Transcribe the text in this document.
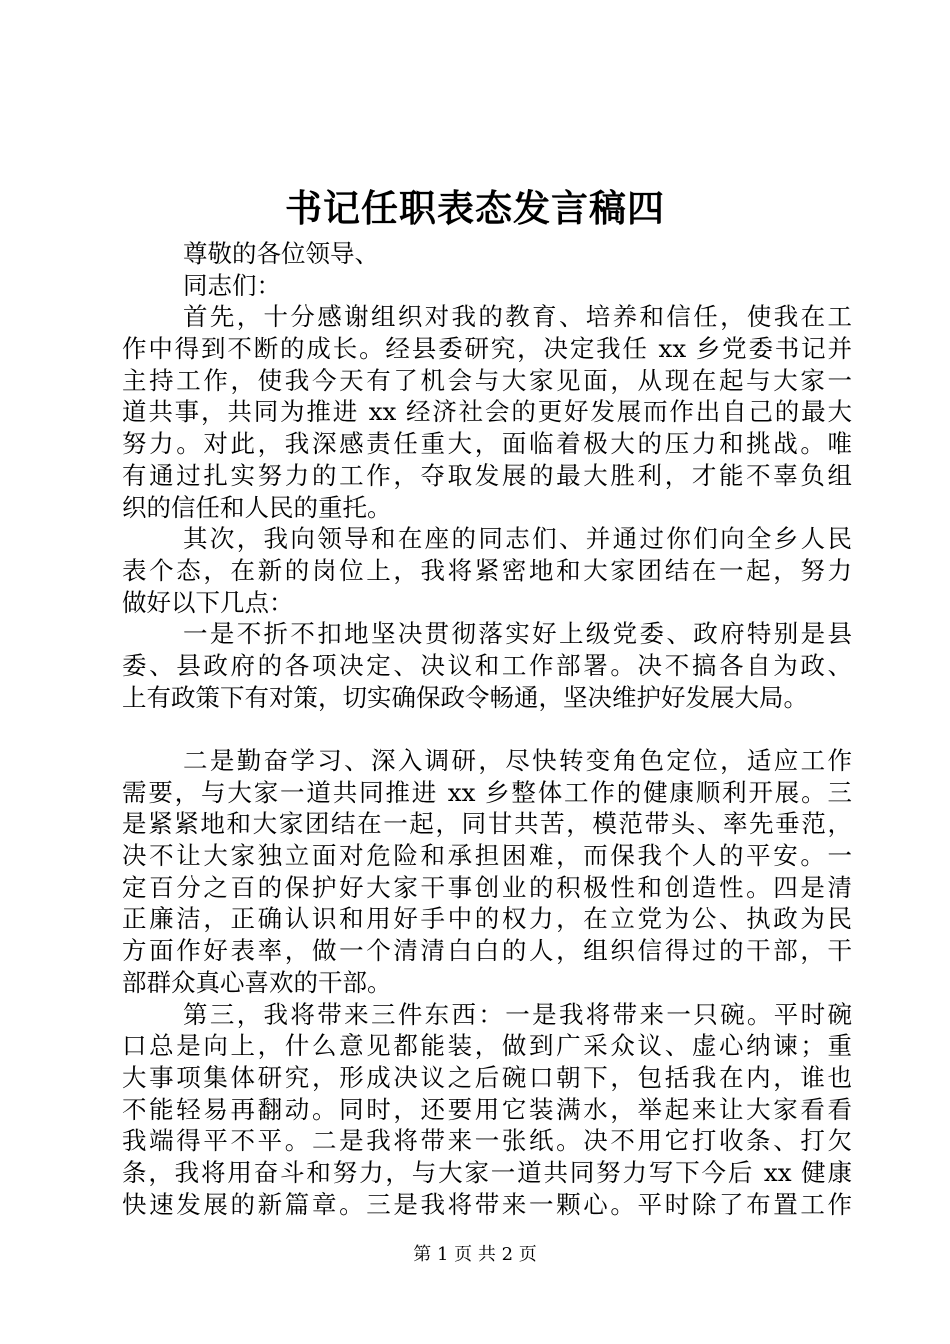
书记任职表态发言稿四
尊敬的各位领导、
同志们：
首先，十分感谢组织对我的教育、培养和信任，使我在工
作中得到不断的成长。经县委研究，决定我任 xx 乡党委书记并
主持工作，使我今天有了机会与大家见面，从现在起与大家一
道共事，共同为推进 xx 经济社会的更好发展而作出自己的最大
努力。对此，我深感责任重大，面临着极大的压力和挑战。唯
有通过扎实努力的工作，夺取发展的最大胜利，才能不辜负组
织的信任和人民的重托。
其次，我向领导和在座的同志们、并通过你们向全乡人民
表个态，在新的岗位上，我将紧密地和大家团结在一起，努力
做好以下几点：
一是不折不扣地坚决贯彻落实好上级党委、政府特别是县
委、县政府的各项决定、决议和工作部署。决不搞各自为政、
上有政策下有对策，切实确保政令畅通，坚决维护好发展大局。
二是勤奋学习、深入调研，尽快转变角色定位，适应工作
需要，与大家一道共同推进 xx 乡整体工作的健康顺利开展。三
是紧紧地和大家团结在一起，同甘共苦，模范带头、率先垂范，
决不让大家独立面对危险和承担困难，而保我个人的平安。一
定百分之百的保护好大家干事创业的积极性和创造性。四是清
正廉洁，正确认识和用好手中的权力，在立党为公、执政为民
方面作好表率，做一个清清白白的人，组织信得过的干部，干
部群众真心喜欢的干部。
第三，我将带来三件东西：一是我将带来一只碗。平时碗
口总是向上，什么意见都能装，做到广采众议、虚心纳谏；重
大事项集体研究，形成决议之后碗口朝下，包括我在内，谁也
不能轻易再翻动。同时，还要用它装满水，举起来让大家看看
我端得平不平。二是我将带来一张纸。决不用它打收条、打欠
条，我将用奋斗和努力，与大家一道共同努力写下今后 xx 健康
快速发展的新篇章。三是我将带来一颗心。平时除了布置工作
第 1 页 共 2 页
